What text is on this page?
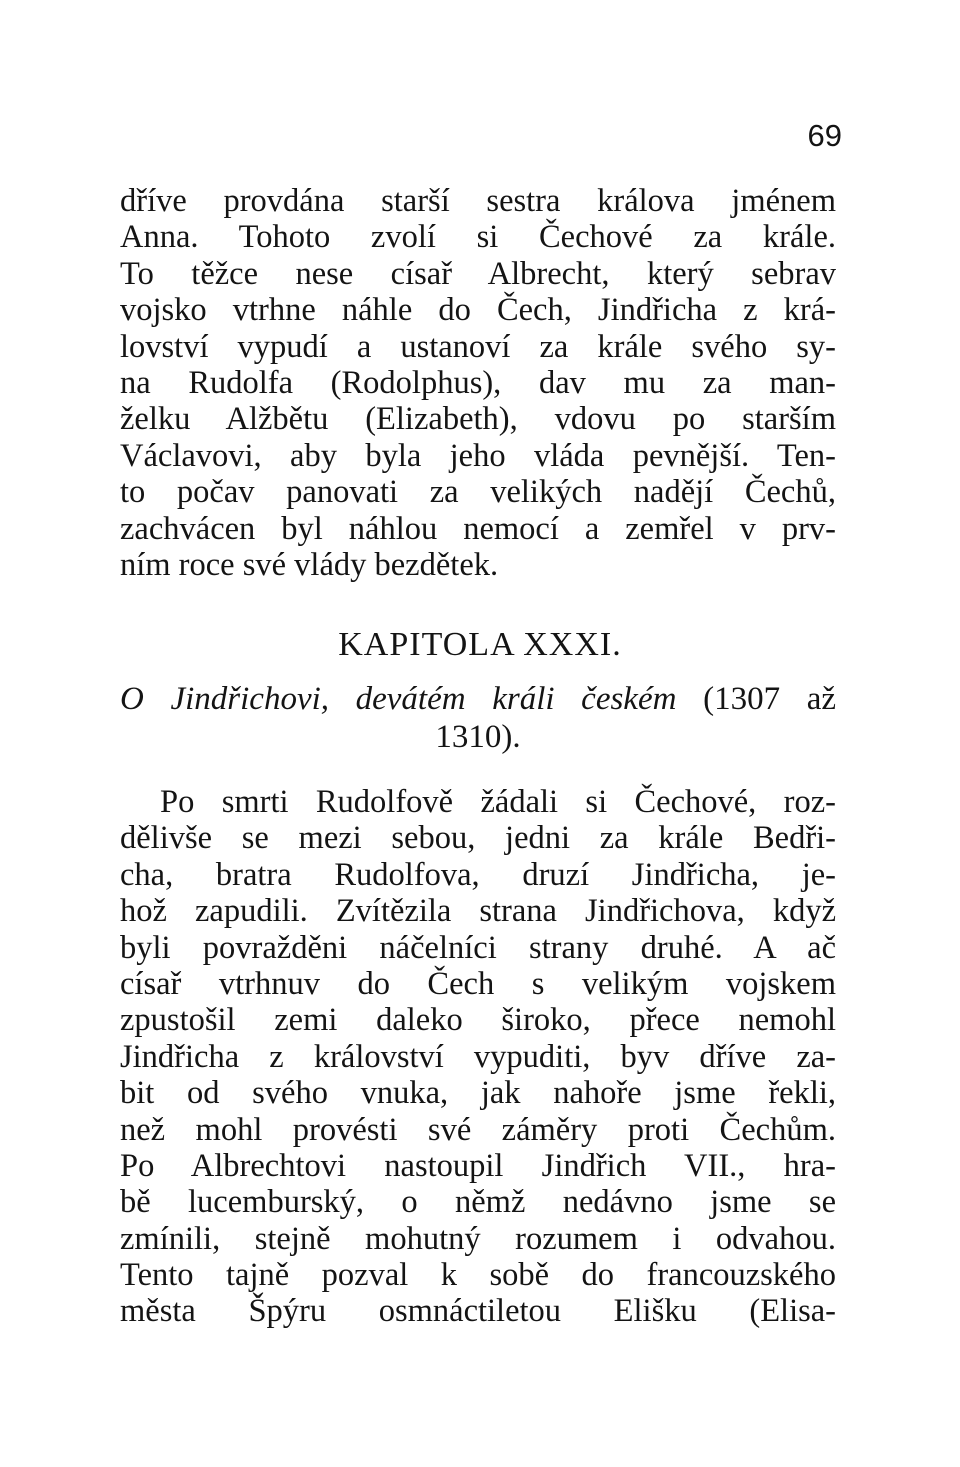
69
dříve provdána starší sestra králova jménem
Anna. Tohoto zvolí si Čechové za krále.
To těžce nese císař Albrecht, který sebrav
vojsko vtrhne náhle do Čech, Jindřicha z krá-
lovství vypudí a ustanoví za krále svého sy-
na Rudolfa (Rodolphus), dav mu za man-
želku Alžbětu (Elizabeth), vdovu po starším
Václavovi, aby byla jeho vláda pevnější. Ten-
to počav panovati za velikých nadějí Čechů,
zachvácen byl náhlou nemocí a zemřel v prv-
ním roce své vlády bezdětek.
KAPITOLA XXXI.
O Jindřichovi, devátém králi českém (1307 až
1310).
Po smrti Rudolfově žádali si Čechové, roz-
dělivše se mezi sebou, jedni za krále Bedři-
cha, bratra Rudolfova, druzí Jindřicha, je-
hož zapudili. Zvítězila strana Jindřichova, když
byli povražděni náčelníci strany druhé. A ač
císař vtrhnuv do Čech s velikým vojskem
zpustošil zemi daleko široko, přece nemohl
Jindřicha z království vypuditi, byv dříve za-
bit od svého vnuka, jak nahoře jsme řekli,
než mohl provésti své záměry proti Čechům.
Po Albrechtovi nastoupil Jindřich VII., hra-
bě lucemburský, o němž nedávno jsme se
zmínili, stejně mohutný rozumem i odvahou.
Tento tajně pozval k sobě do francouzského
města Špýru osmnáctiletou Elišku (Elisa-
